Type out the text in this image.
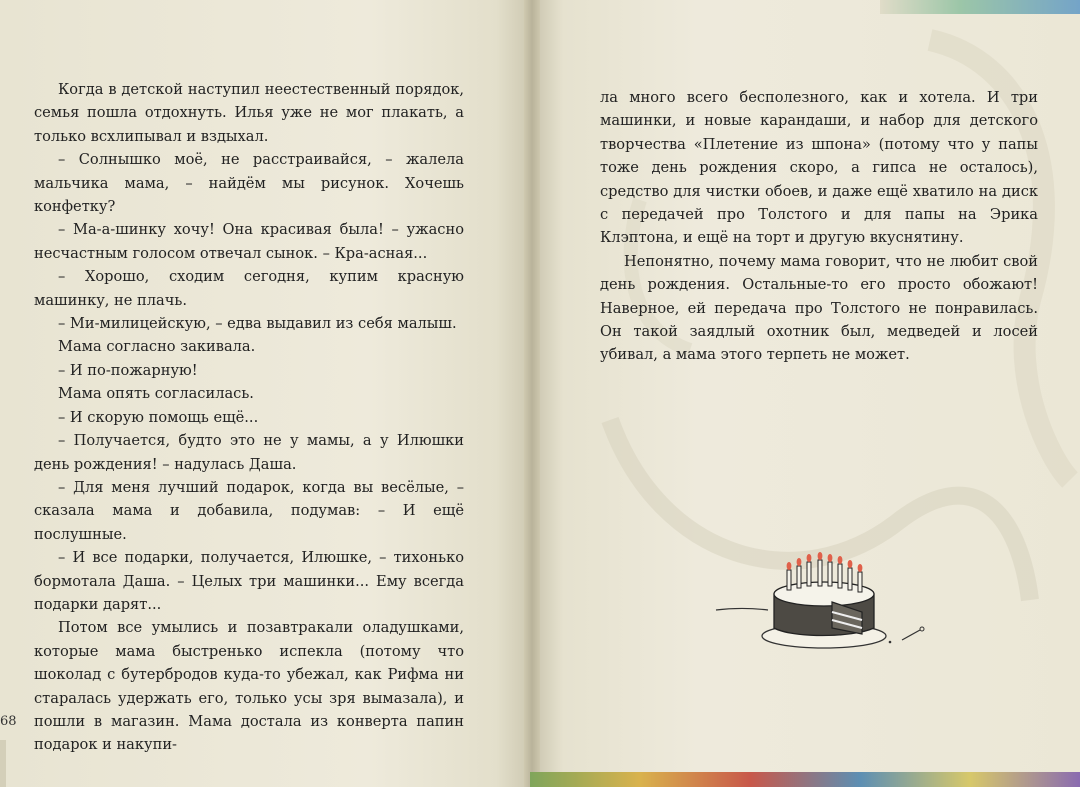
Когда в детской наступил неестественный порядок, семья пошла отдохнуть. Илья уже не мог плакать, а только всхлипывал и вздыхал.

– Солнышко моё, не расстраивайся, – жалела мальчика мама, – найдём мы рисунок. Хочешь конфетку?

– Ма-а-шинку хочу! Она красивая была! – ужасно несчастным голосом отвечал сынок. – Кра-асная...

– Хорошо, сходим сегодня, купим красную машинку, не плачь.

– Ми-милицейскую, – едва выдавил из себя малыш.

Мама согласно закивала.

– И по-пожарную!

Мама опять согласилась.

– И скорую помощь ещё...

– Получается, будто это не у мамы, а у Илюшки день рождения! – надулась Даша.

– Для меня лучший подарок, когда вы весёлые, – сказала мама и добавила, подумав: – И ещё послушные.

– И все подарки, получается, Илюшке, – тихонько бормотала Даша. – Целых три машинки... Ему всегда подарки дарят...

Потом все умылись и позавтракали оладушками, которые мама быстренько испекла (потому что шоколад с бутербродов куда-то убежал, как Рифма ни старалась удержать его, только усы зря вымазала), и пошли в магазин. Мама достала из конверта папин подарок и накупи-

68

ла много всего бесполезного, как и хотела. И три машинки, и новые карандаши, и набор для детского творчества «Плетение из шпона» (потому что у папы тоже день рождения скоро, а гипса не осталось), средство для чистки обоев, и даже ещё хватило на диск с передачей про Толстого и для папы на Эрика Клэптона, и ещё на торт и другую вкуснятину.

Непонятно, почему мама говорит, что не любит свой день рождения. Остальные-то его просто обожают! Наверное, ей передача про Толстого не понравилась. Он такой заядлый охотник был, медведей и лосей убивал, а мама этого терпеть не может.
